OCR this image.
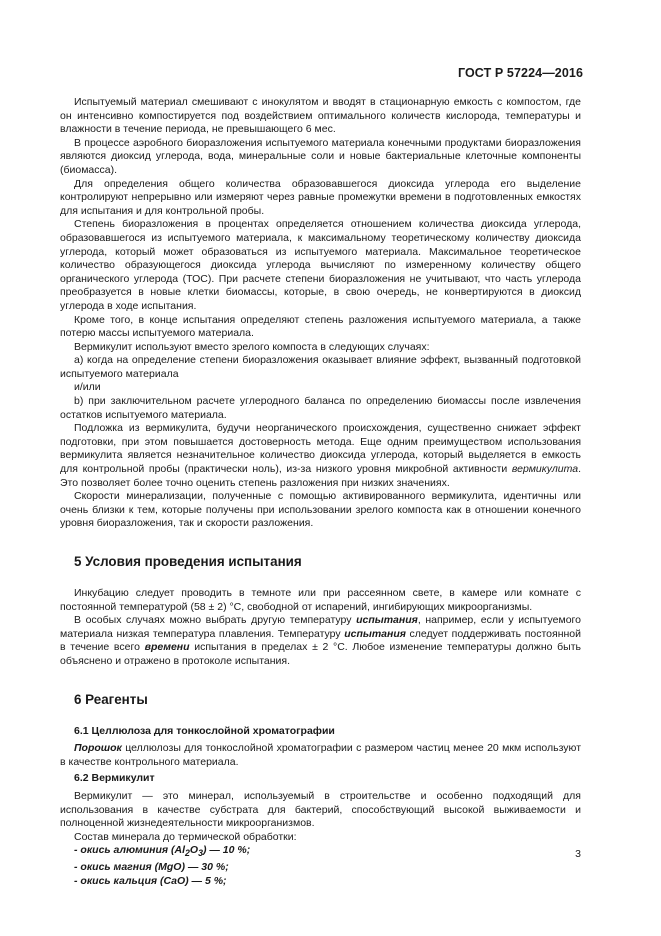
ГОСТ Р 57224—2016

Испытуемый материал смешивают с инокулятом и вводят в стационарную емкость с компостом, где он интенсивно компостируется под воздействием оптимального количеств кислорода, температуры и влажности в течение периода, не превышающего 6 мес.

В процессе аэробного биоразложения испытуемого материала конечными продуктами биоразложения являются диоксид углерода, вода, минеральные соли и новые бактериальные клеточные компоненты (биомасса).

Для определения общего количества образовавшегося диоксида углерода его выделение контролируют непрерывно или измеряют через равные промежутки времени в подготовленных емкостях для испытания и для контрольной пробы.

Степень биоразложения в процентах определяется отношением количества диоксида углерода, образовавшегося из испытуемого материала, к максимальному теоретическому количеству диоксида углерода, который может образоваться из испытуемого материала. Максимальное теоретическое количество образующегося диоксида углерода вычисляют по измеренному количеству общего органического углерода (ТОС). При расчете степени биоразложения не учитывают, что часть углерода преобразуется в новые клетки биомассы, которые, в свою очередь, не конвертируются в диоксид углерода в ходе испытания.

Кроме того, в конце испытания определяют степень разложения испытуемого материала, а также потерю массы испытуемого материала.

Вермикулит используют вместо зрелого компоста в следующих случаях:

а) когда на определение степени биоразложения оказывает влияние эффект, вызванный подготовкой испытуемого материала

и/или

b) при заключительном расчете углеродного баланса по определению биомассы после извлечения остатков испытуемого материала.

Подложка из вермикулита, будучи неорганического происхождения, существенно снижает эффект подготовки, при этом повышается достоверность метода. Еще одним преимуществом использования вермикулита является незначительное количество диоксида углерода, который выделяется в емкость для контрольной пробы (практически ноль), из-за низкого уровня микробной активности вермикулита. Это позволяет более точно оценить степень разложения при низких значениях.

Скорости минерализации, полученные с помощью активированного вермикулита, идентичны или очень близки к тем, которые получены при использовании зрелого компоста как в отношении конечного уровня биоразложения, так и скорости разложения.

5 Условия проведения испытания

Инкубацию следует проводить в темноте или при рассеянном свете, в камере или комнате с постоянной температурой (58 ± 2) °С, свободной от испарений, ингибирующих микроорганизмы.

В особых случаях можно выбрать другую температуру испытания, например, если у испытуемого материала низкая температура плавления. Температуру испытания следует поддерживать постоянной в течение всего времени испытания в пределах ± 2 °С. Любое изменение температуры должно быть объяснено и отражено в протоколе испытания.

6 Реагенты
6.1 Целлюлоза для тонкослойной хроматографии

Порошок целлюлозы для тонкослойной хроматографии с размером частиц менее 20 мкм используют в качестве контрольного материала.

6.2 Вермикулит

Вермикулит — это минерал, используемый в строительстве и особенно подходящий для использования в качестве субстрата для бактерий, способствующий высокой выживаемости и полноценной жизнедеятельности микроорганизмов.

Состав минерала до термической обработки:

- окись алюминия $(Al_2O_3)$ — 10 %;

- окись магния (MgO) — 30 %;

- окись кальция (CaO) — 5 %;

3
